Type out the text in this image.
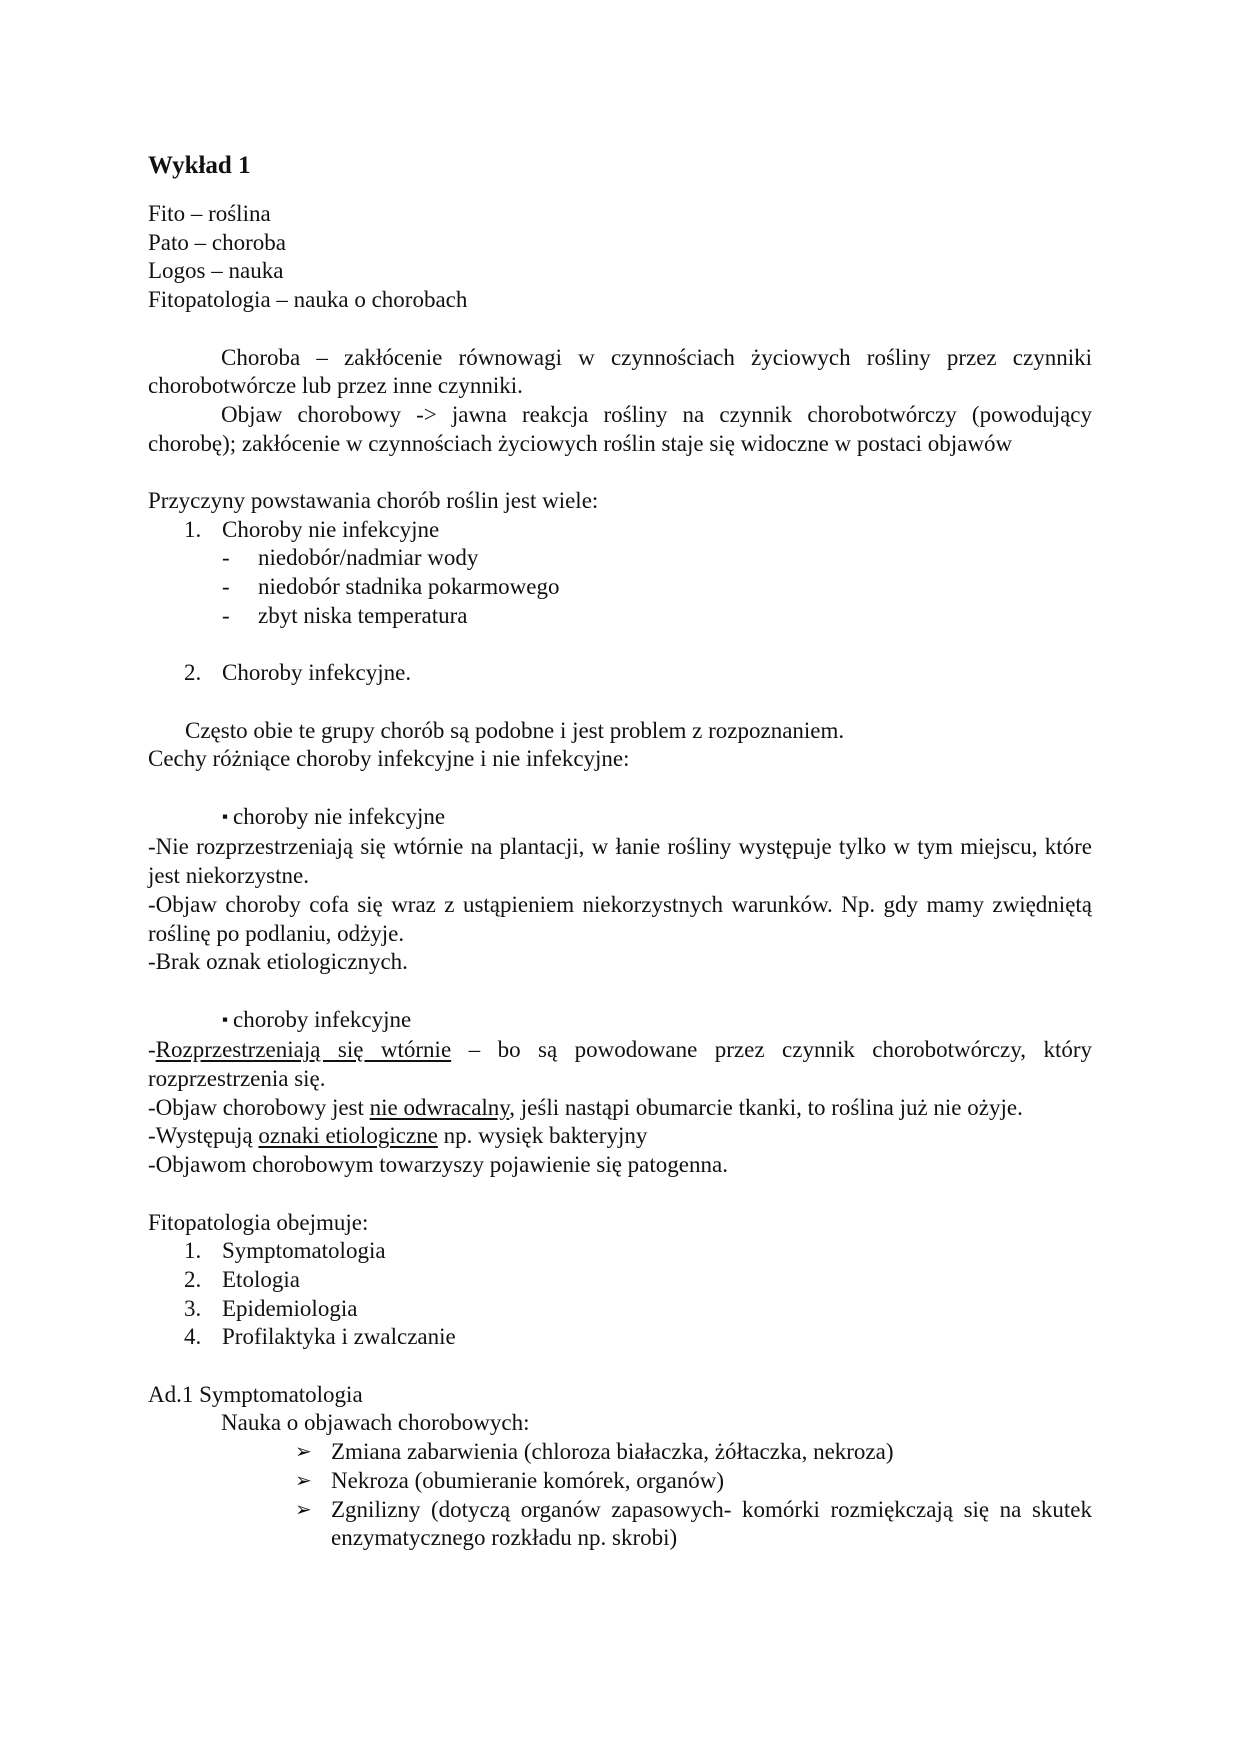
Wykład 1
Fito – roślina
Pato – choroba
Logos – nauka
Fitopatologia – nauka o chorobach
Choroba – zakłócenie równowagi w czynnościach życiowych rośliny przez czynniki chorobotwórcze lub przez inne czynniki.
Objaw chorobowy -> jawna reakcja rośliny na czynnik chorobotwórczy (powodujący chorobę); zakłócenie w czynnościach życiowych roślin staje się widoczne w postaci objawów
Przyczyny powstawania chorób roślin jest wiele:
1. Choroby nie infekcyjne
-	niedobór/nadmiar wody
-	niedobór stadnika pokarmowego
-	zbyt niska temperatura
2. Choroby infekcyjne.
Często obie te grupy chorób są podobne i jest problem z rozpoznaniem.
Cechy różniące choroby infekcyjne i nie infekcyjne:
▪ choroby nie infekcyjne
-Nie rozprzestrzeniają się wtórnie na plantacji, w łanie rośliny występuje tylko w tym miejscu, które jest niekorzystne.
-Objaw choroby cofa się wraz z ustąpieniem niekorzystnych warunków. Np. gdy mamy zwiędniętą roślinę po podlaniu, odżyje.
-Brak oznak etiologicznych.
▪ choroby infekcyjne
-Rozprzestrzeniają się wtórnie – bo są powodowane przez czynnik chorobotwórczy, który rozprzestrzenia się.
-Objaw chorobowy jest nie odwracalny, jeśli nastąpi obumarcie tkanki, to roślina już nie ożyje.
-Występują oznaki etiologiczne np. wysięk bakteryjny
-Objawom chorobowym towarzyszy pojawienie się patogenna.
Fitopatologia obejmuje:
1. Symptomatologia
2. Etologia
3. Epidemiologia
4. Profilaktyka i zwalczanie
Ad.1 Symptomatologia
Nauka o objawach chorobowych:
➢ Zmiana zabarwienia (chloroza białaczka, żółtaczka, nekroza)
➢ Nekroza (obumieranie komórek, organów)
➢ Zgnilizny (dotyczą organów zapasowych- komórki rozmiękczają się na skutek enzymatycznego rozkładu np. skrobi)
